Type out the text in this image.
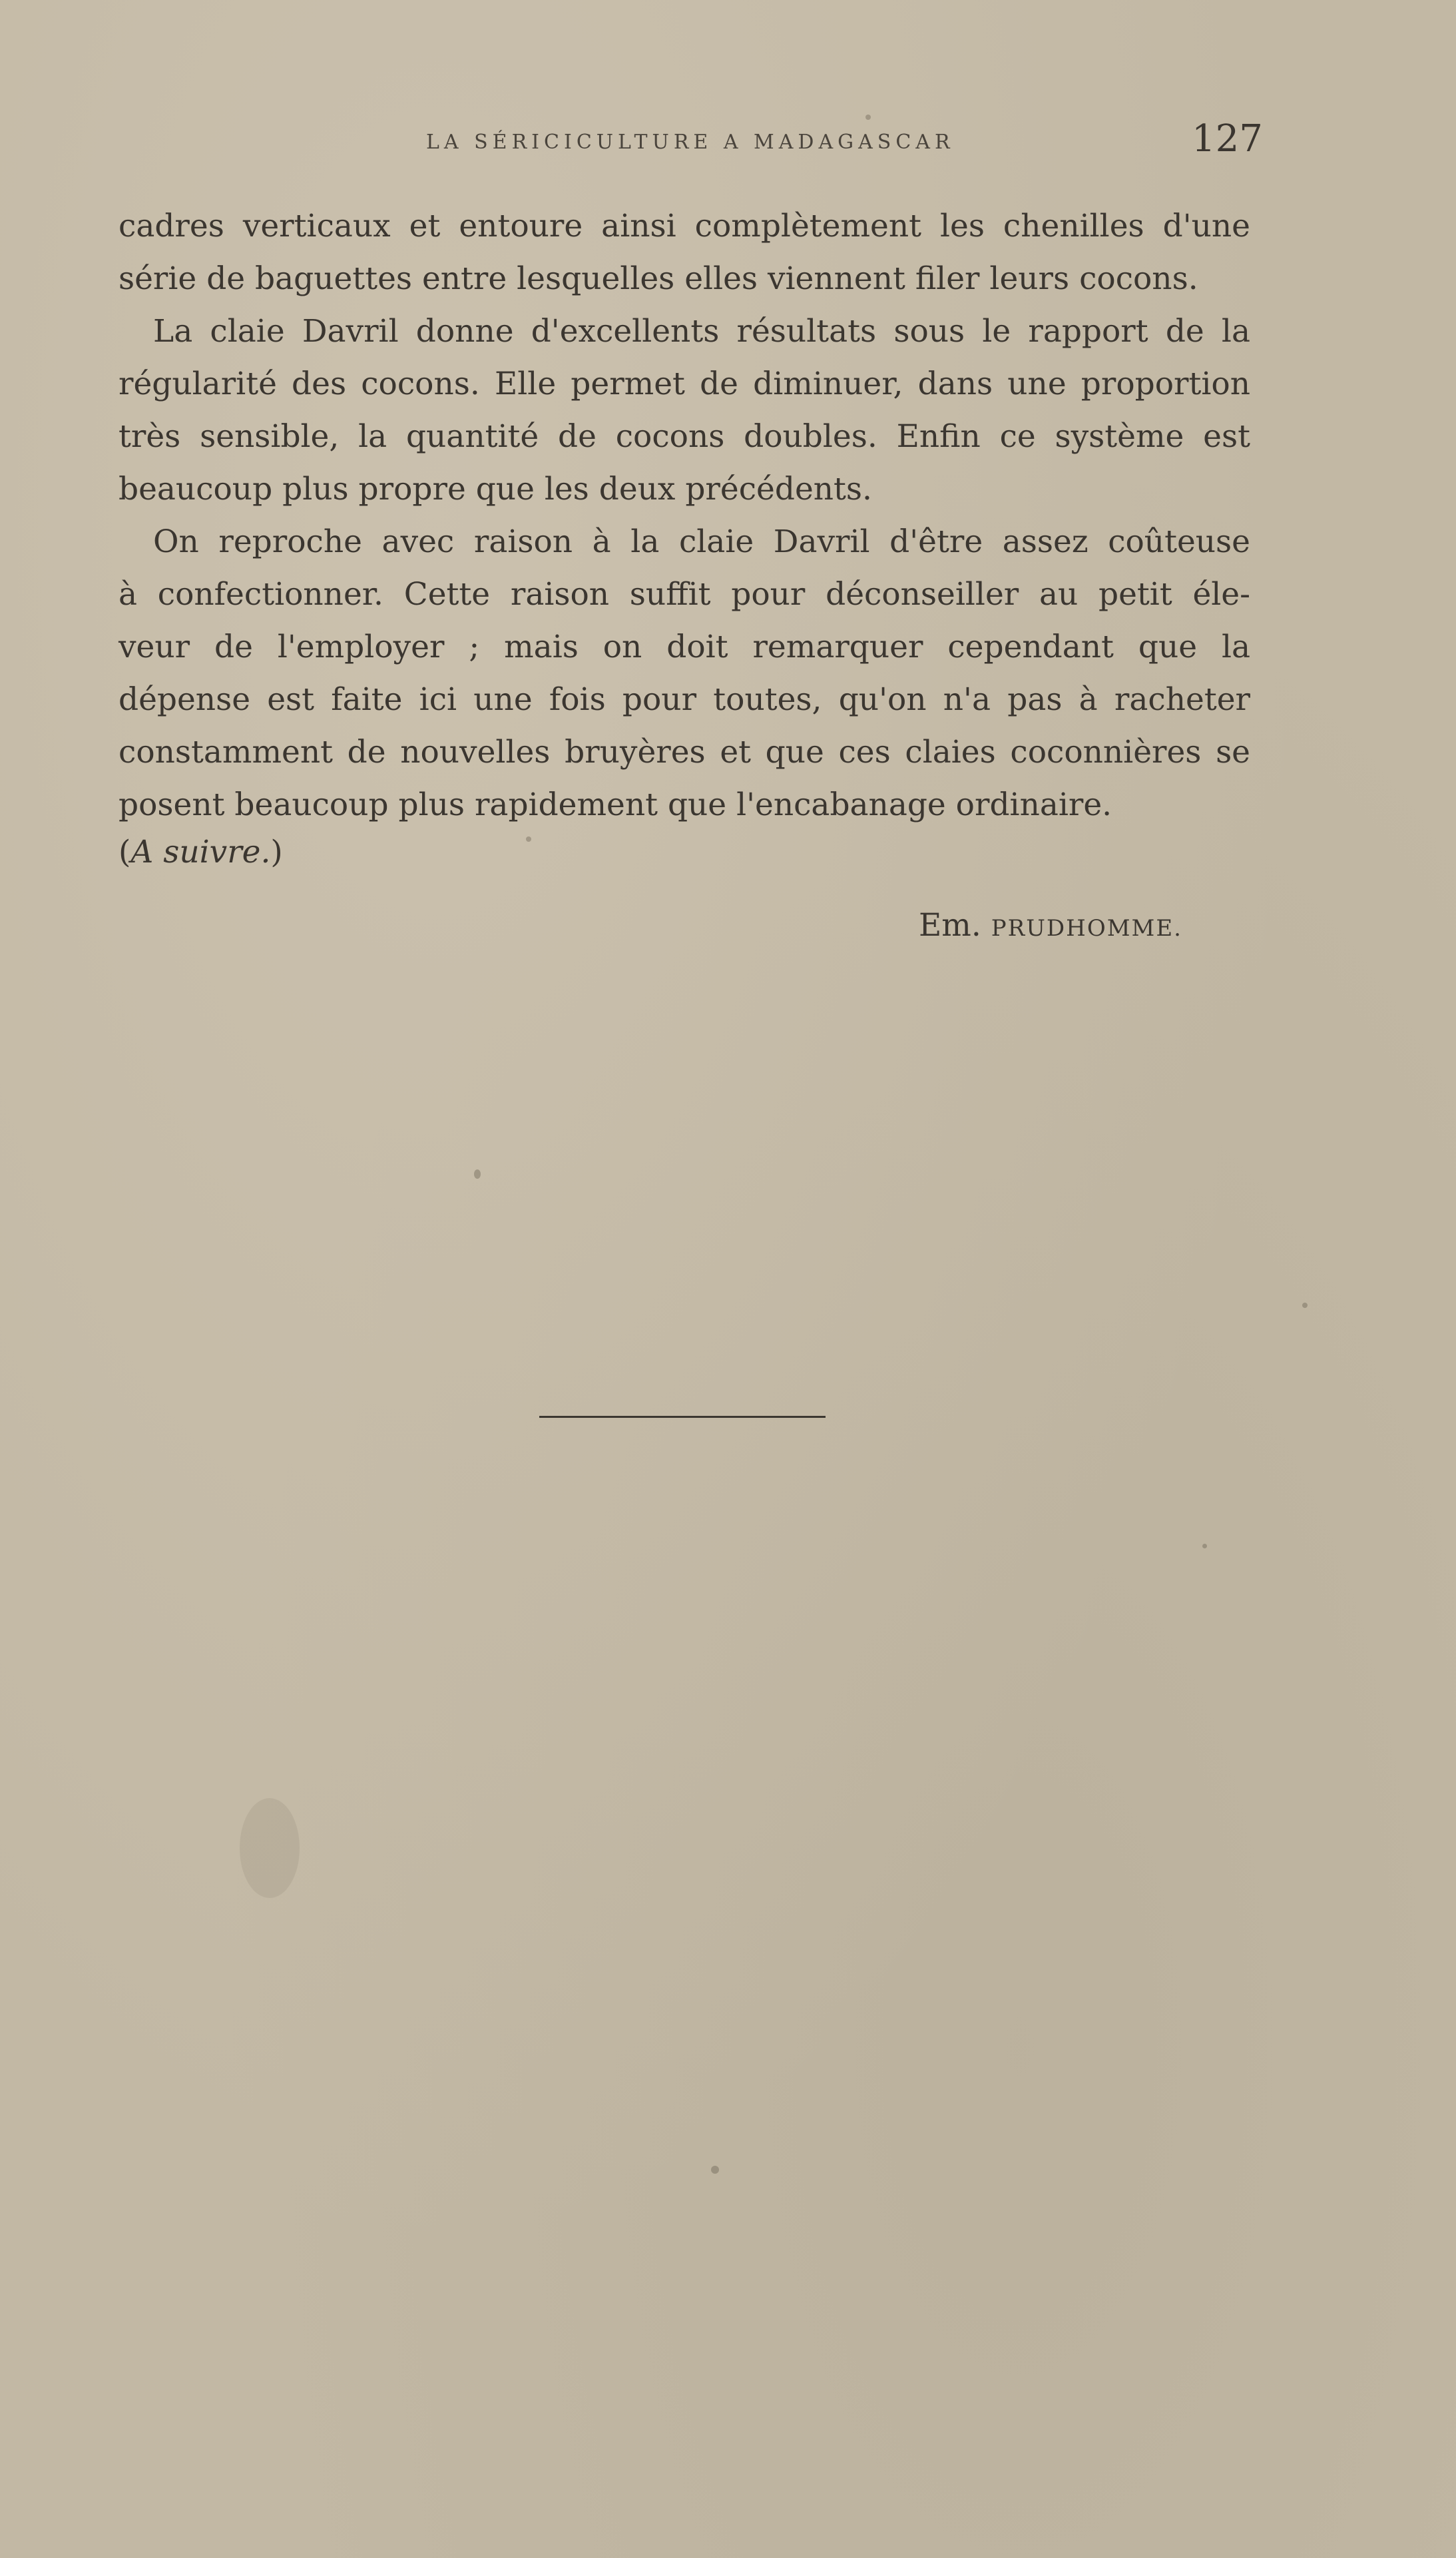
LA SÉRICICULTURE A MADAGASCAR	127
cadres verticaux et entoure ainsi complètement les chenilles d'une
série de baguettes entre lesquelles elles viennent filer leurs cocons.
La claie Davril donne d'excellents résultats sous le rapport de la
régularité des cocons. Elle permet de diminuer, dans une proportion
très sensible, la quantité de cocons doubles. Enfin ce système est
beaucoup plus propre que les deux précédents.
On reproche avec raison à la claie Davril d'être assez coûteuse
à confectionner. Cette raison suffit pour déconseiller au petit éle-
veur de l'employer ; mais on doit remarquer cependant que la
dépense est faite ici une fois pour toutes, qu'on n'a pas à racheter
constamment de nouvelles bruyères et que ces claies coconnières se
posent beaucoup plus rapidement que l'encabanage ordinaire.
(A suivre.)
Em. PRUDHOMME.
